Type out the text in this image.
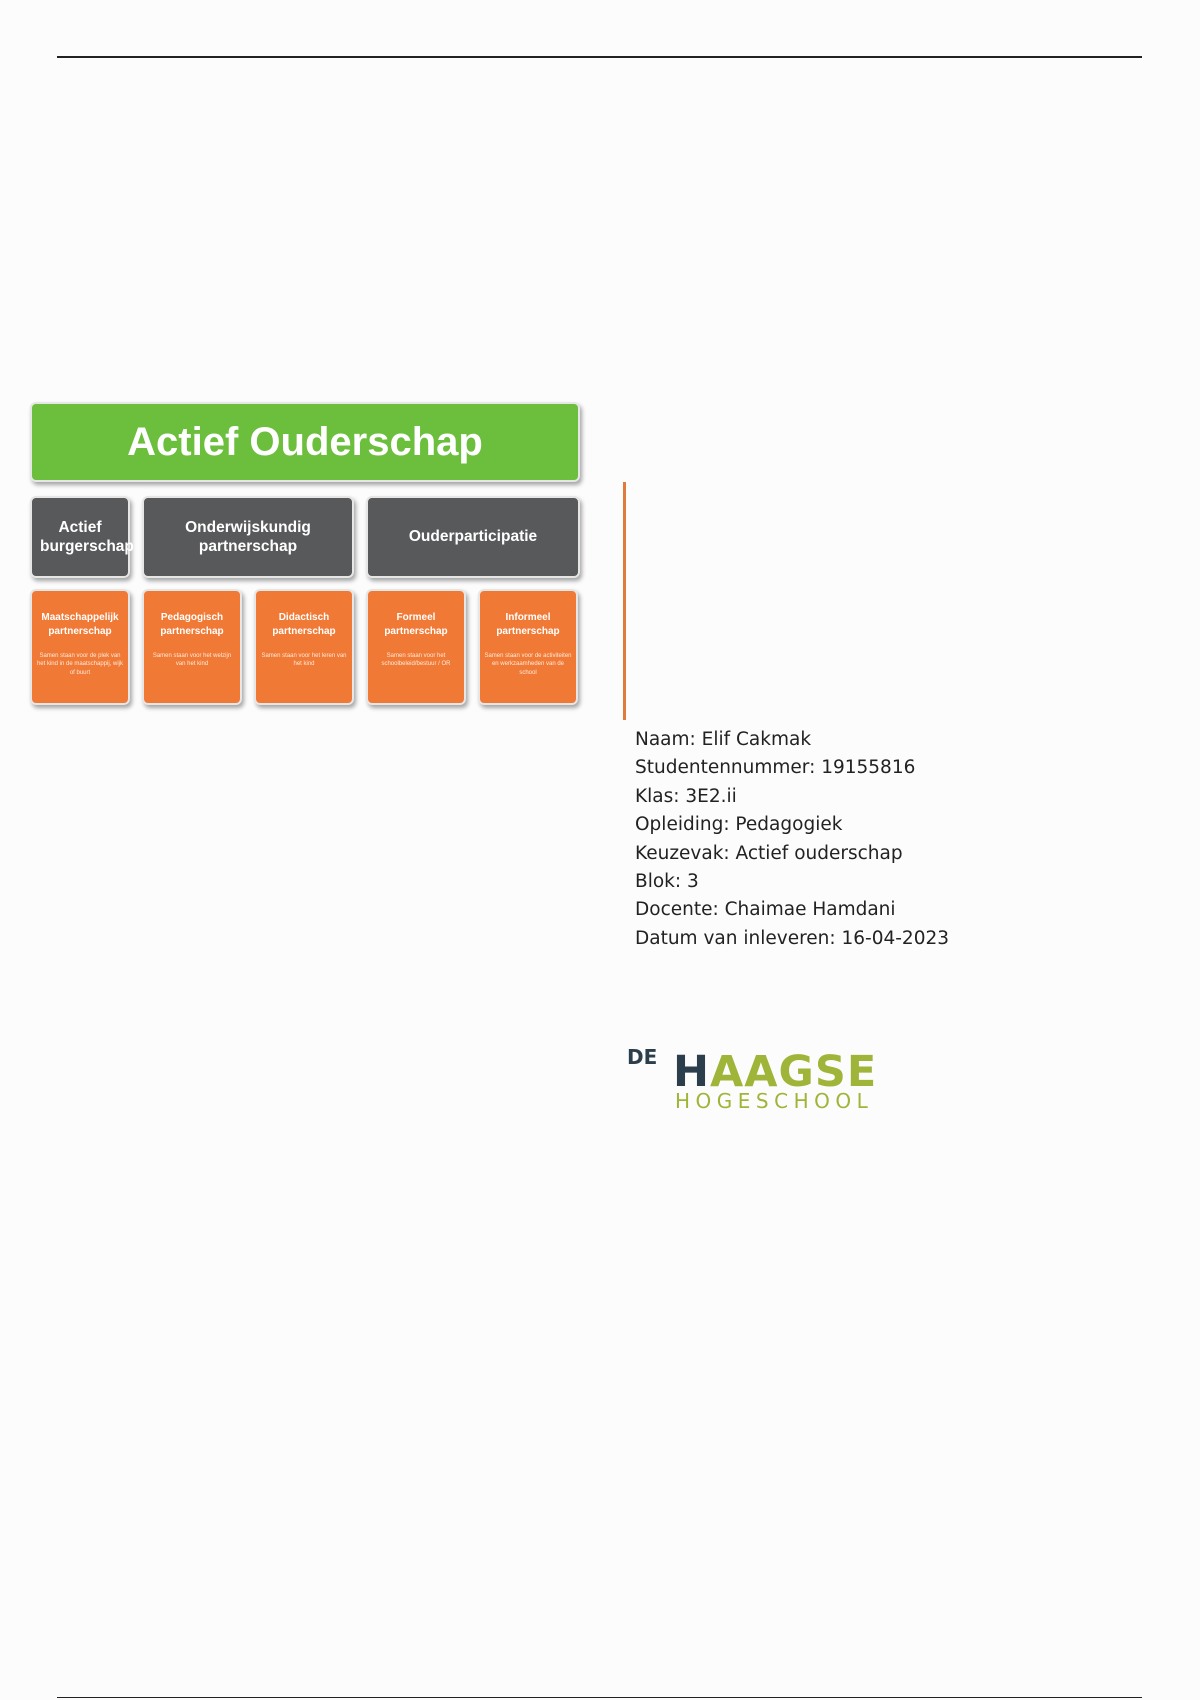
Actief Ouderschap
Actief burgerschap
Onderwijskundig partnerschap
Ouderparticipatie
Maatschappelijk partnerschap
Samen staan voor de plek van het kind in de maatschappij, wijk of buurt
Pedagogisch partnerschap
Samen staan voor het welzijn van het kind
Didactisch partnerschap
Samen staan voor het leren van het kind
Formeel partnerschap
Samen staan voor het schoolbeleid/bestuur / OR
Informeel partnerschap
Samen staan voor de activiteiten en werkzaamheden van de school
Naam: Elif Cakmak
Studentennummer: 19155816
Klas: 3E2.ii
Opleiding: Pedagogiek
Keuzevak: Actief ouderschap
Blok: 3
Docente: Chaimae Hamdani
Datum van inleveren: 16-04-2023
DE HAAGSE
HOGESCHOOL
